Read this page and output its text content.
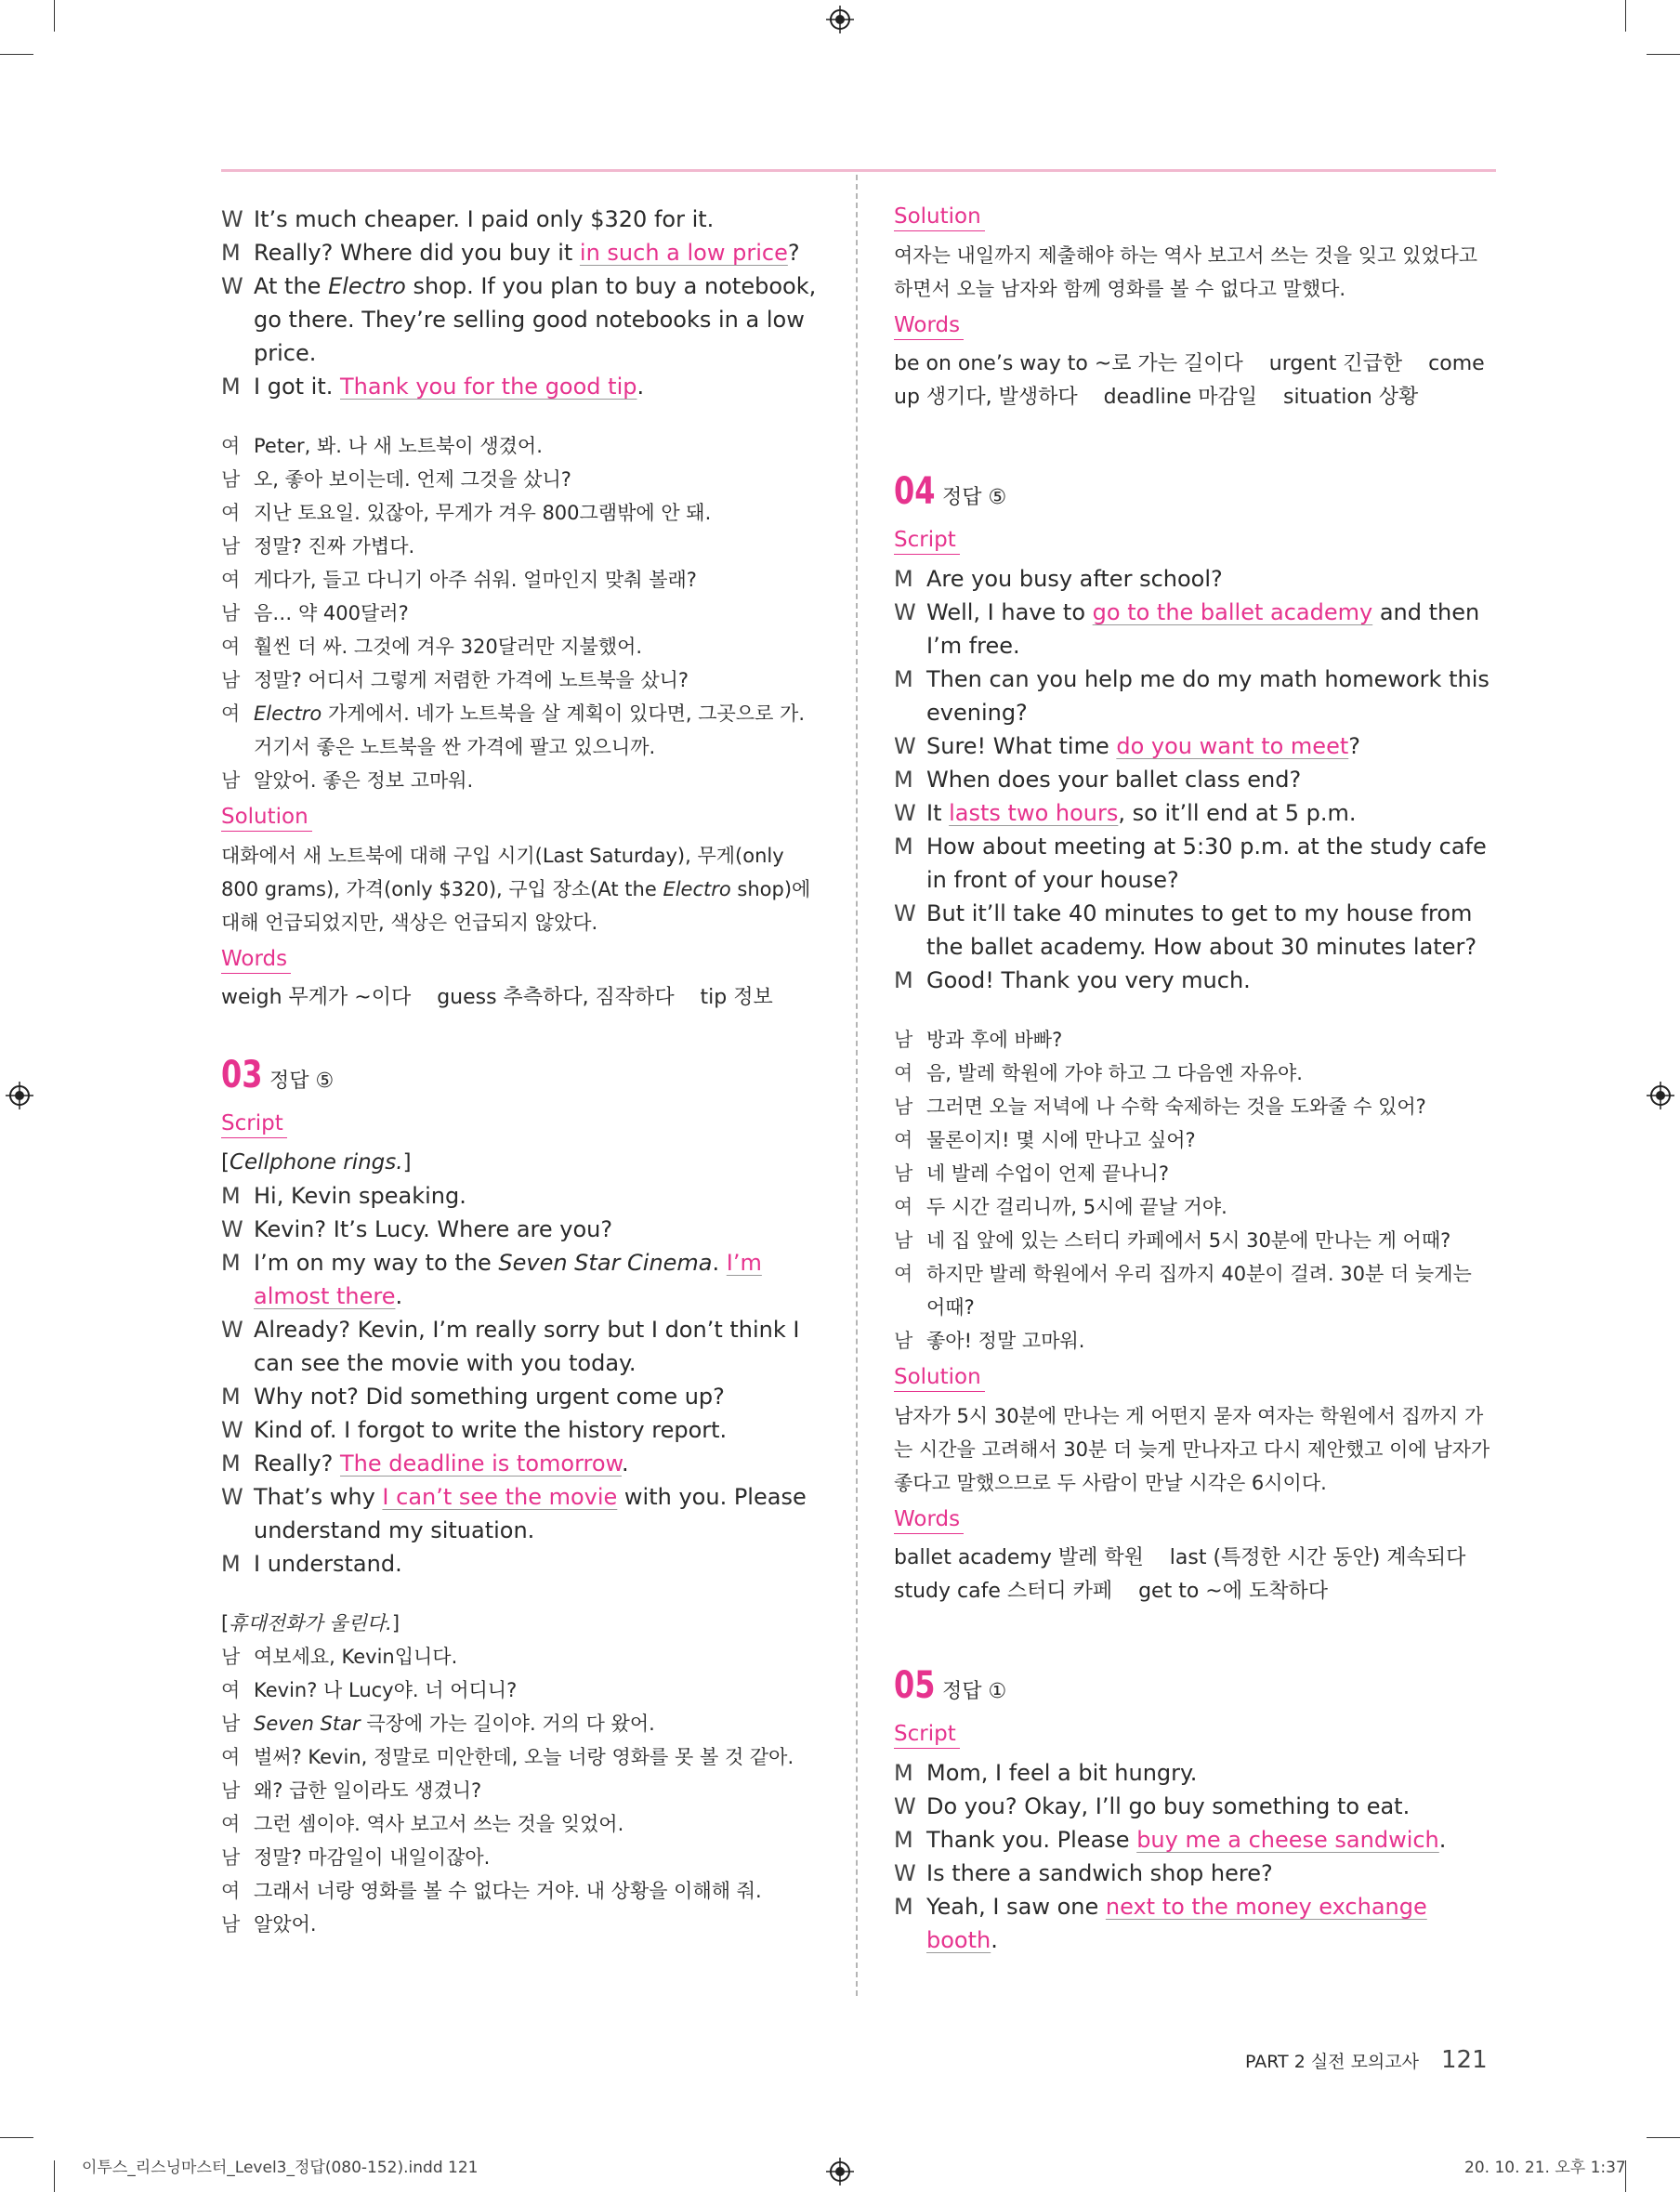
W It’s much cheaper. I paid only $320 for it.
M Really? Where did you buy it in such a low price?
W At the Electro shop. If you plan to buy a notebook, go there. They’re selling good notebooks in a low price.
M I got it. Thank you for the good tip.
여 Peter, 봐. 나 새 노트북이 생겼어.
남 오, 좋아 보이는데. 언제 그것을 샀니?
여 지난 토요일. 있잖아, 무게가 겨우 800그램밖에 안 돼.
남 정말? 진짜 가볍다.
여 게다가, 들고 다니기 아주 쉬워. 얼마인지 맞춰 볼래?
남 음… 약 400달러?
여 훨씬 더 싸. 그것에 겨우 320달러만 지불했어.
남 정말? 어디서 그렇게 저렴한 가격에 노트북을 샀니?
여 Electro 가게에서. 네가 노트북을 살 계획이 있다면, 그곳으로 가. 거기서 좋은 노트북을 싼 가격에 팔고 있으니까.
남 알았어. 좋은 정보 고마워.
Solution
대화에서 새 노트북에 대해 구입 시기(Last Saturday), 무게(only 800 grams), 가격(only $320), 구입 장소(At the Electro shop)에 대해 언급되었지만, 색상은 언급되지 않았다.
Words
weigh 무게가 ~이다    guess 추측하다, 짐작하다    tip 정보
03 정답 ⑤
Script
[Cellphone rings.]
M Hi, Kevin speaking.
W Kevin? It’s Lucy. Where are you?
M I’m on my way to the Seven Star Cinema. I’m almost there.
W Already? Kevin, I’m really sorry but I don’t think I can see the movie with you today.
M Why not? Did something urgent come up?
W Kind of. I forgot to write the history report.
M Really? The deadline is tomorrow.
W That’s why I can’t see the movie with you. Please understand my situation.
M I understand.
[휴대전화가 울린다.]
남 여보세요, Kevin입니다.
여 Kevin? 나 Lucy야. 너 어디니?
남 Seven Star 극장에 가는 길이야. 거의 다 왔어.
여 벌써? Kevin, 정말로 미안한데, 오늘 너랑 영화를 못 볼 것 같아.
남 왜? 급한 일이라도 생겼니?
여 그런 셈이야. 역사 보고서 쓰는 것을 잊었어.
남 정말? 마감일이 내일이잖아.
여 그래서 너랑 영화를 볼 수 없다는 거야. 내 상황을 이해해 줘.
남 알았어.
Solution
여자는 내일까지 제출해야 하는 역사 보고서 쓰는 것을 잊고 있었다고 하면서 오늘 남자와 함께 영화를 볼 수 없다고 말했다.
Words
be on one’s way to ~로 가는 길이다    urgent 긴급한    come up 생기다, 발생하다    deadline 마감일    situation 상황
04 정답 ⑤
Script
M Are you busy after school?
W Well, I have to go to the ballet academy and then I’m free.
M Then can you help me do my math homework this evening?
W Sure! What time do you want to meet?
M When does your ballet class end?
W It lasts two hours, so it’ll end at 5 p.m.
M How about meeting at 5:30 p.m. at the study cafe in front of your house?
W But it’ll take 40 minutes to get to my house from the ballet academy. How about 30 minutes later?
M Good! Thank you very much.
남 방과 후에 바빠?
여 음, 발레 학원에 가야 하고 그 다음엔 자유야.
남 그러면 오늘 저녁에 나 수학 숙제하는 것을 도와줄 수 있어?
여 물론이지! 몇 시에 만나고 싶어?
남 네 발레 수업이 언제 끝나니?
여 두 시간 걸리니까, 5시에 끝날 거야.
남 네 집 앞에 있는 스터디 카페에서 5시 30분에 만나는 게 어때?
여 하지만 발레 학원에서 우리 집까지 40분이 걸려. 30분 더 늦게는 어때?
남 좋아! 정말 고마워.
Solution
남자가 5시 30분에 만나는 게 어떤지 묻자 여자는 학원에서 집까지 가는 시간을 고려해서 30분 더 늦게 만나자고 다시 제안했고 이에 남자가 좋다고 말했으므로 두 사람이 만날 시각은 6시이다.
Words
ballet academy 발레 학원    last (특정한 시간 동안) 계속되다
study cafe 스터디 카페    get to ~에 도착하다
05 정답 ①
Script
M Mom, I feel a bit hungry.
W Do you? Okay, I’ll go buy something to eat.
M Thank you. Please buy me a cheese sandwich.
W Is there a sandwich shop here?
M Yeah, I saw one next to the money exchange booth.
PART 2 실전 모의고사 121
이투스_리스닝마스터_Level3_정답(080-152).indd 121	20. 10. 21. 오후 1:37
